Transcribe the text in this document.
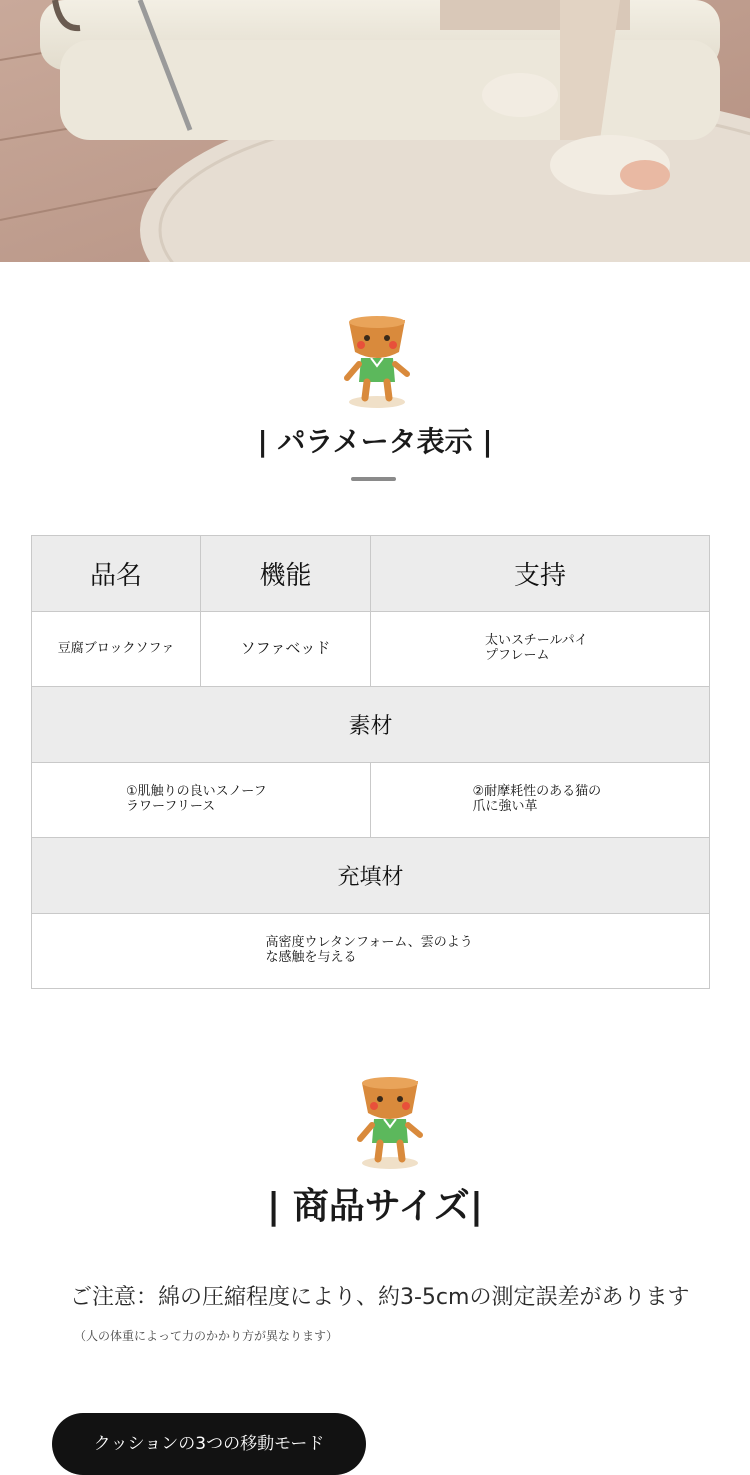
| パラメータ表示 |
品名	機能	支持
豆腐ブロックソファ	ソファベッド	太いスチールパイプフレーム
素材		
①肌触りの良いスノーフラワーフリース		②耐摩耗性のある猫の爪に強い革
充填材		
高密度ウレタンフォーム、雲のような感触を与える		
| 商品サイズ|
ご注意：綿の圧縮程度により、約3-5cmの測定誤差があります
（人の体重によって力のかかり方が異なります）
クッションの3つの移動モード
